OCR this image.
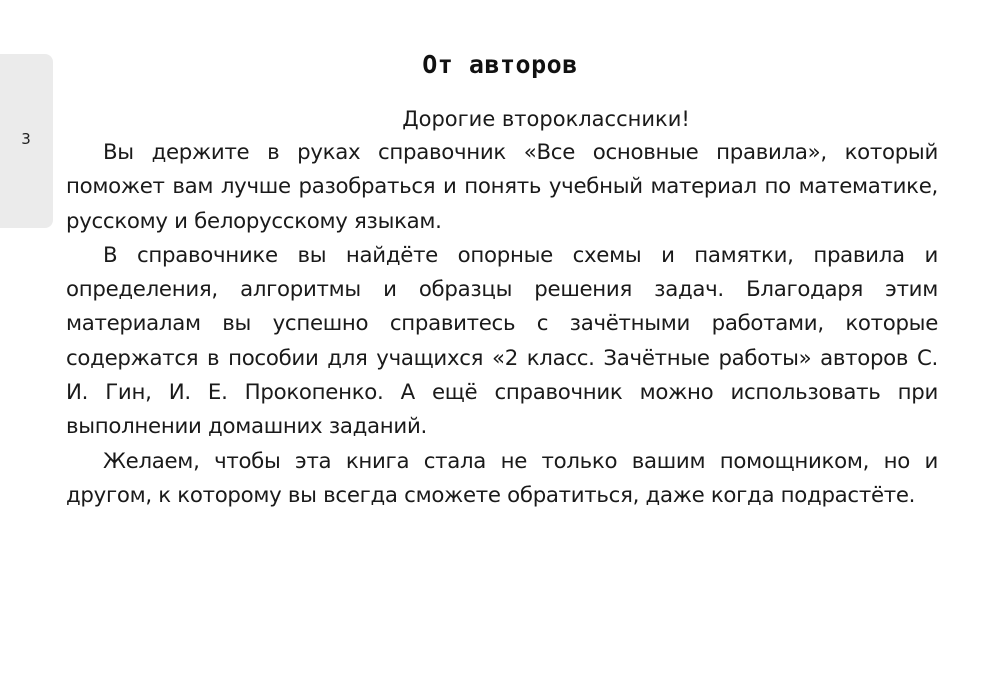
3
От авторов
Дорогие второклассники!

Вы держите в руках справочник «Все основные правила», который поможет вам лучше разобраться и понять учебный материал по математике, русскому и белорусскому языкам.

В справочнике вы найдёте опорные схемы и памятки, правила и определения, алгоритмы и образцы решения задач. Благодаря этим материалам вы успешно справитесь с зачётными работами, которые содержатся в пособии для учащихся «2 класс. Зачётные работы» авторов С. И. Гин, И. Е. Прокопенко. А ещё справочник можно использовать при выполнении домашних заданий.

Желаем, чтобы эта книга стала не только вашим помощником, но и другом, к которому вы всегда сможете обратиться, даже когда подрастёте.
